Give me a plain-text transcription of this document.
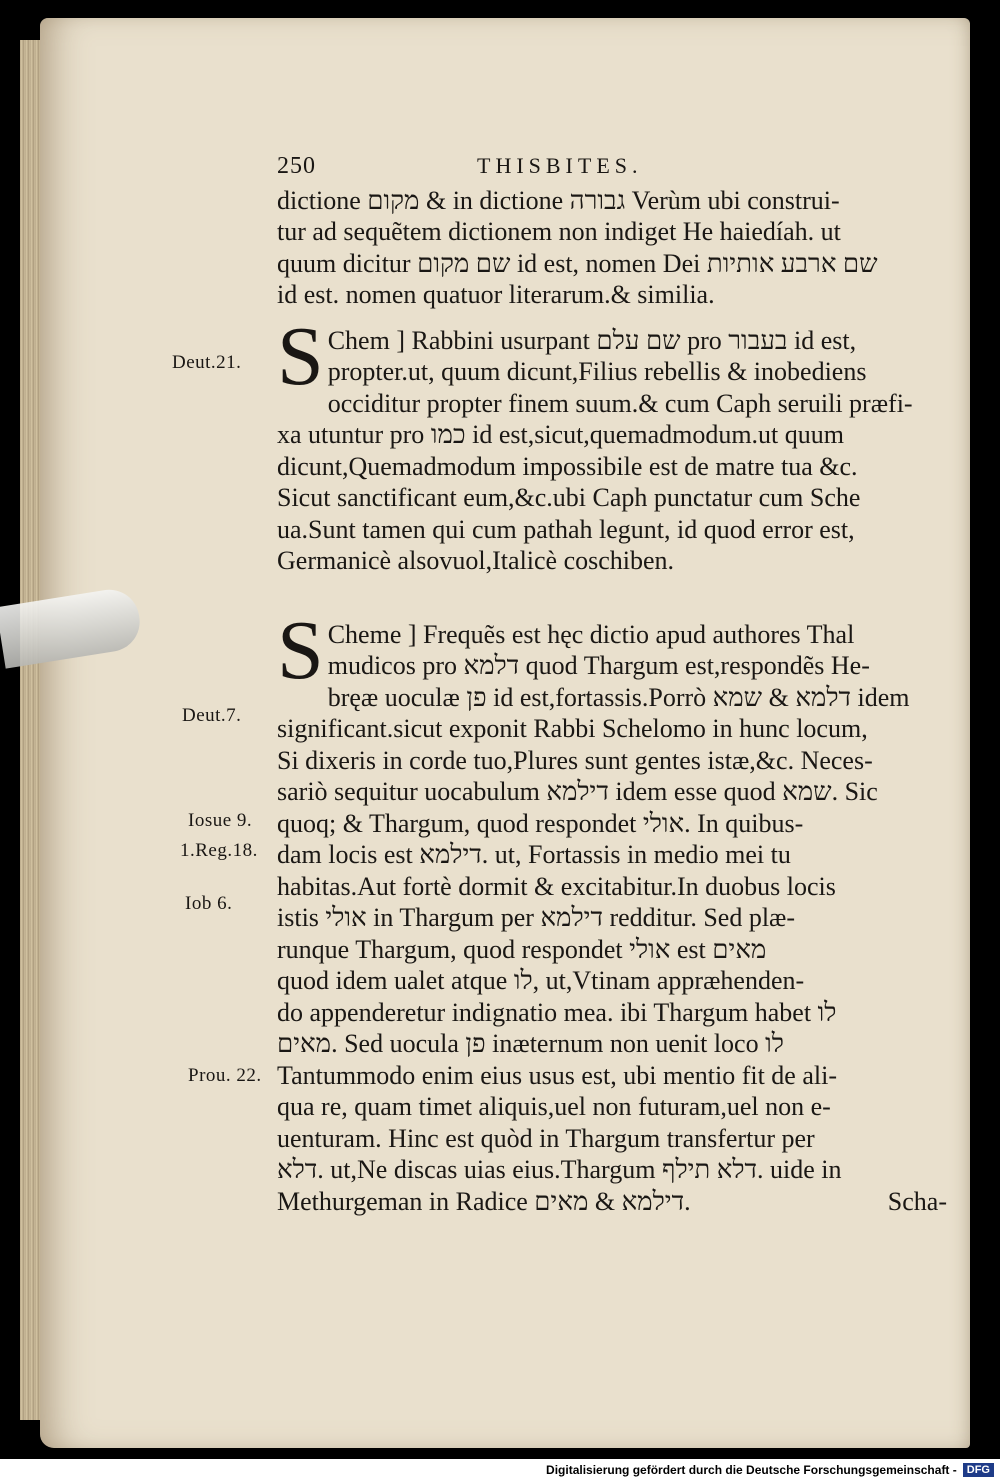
Deut.21.
Deut.7.
Iosue 9.
1.Reg.18.
Iob 6.
Prou. 22.
250	THISBITES.
dictione מקום & in dictione גבורה Verùm ubi construi-
tur ad sequẽtem dictionem non indiget He haiedíah. ut
quum dicitur שם מקום id est, nomen Dei שם ארבע אותיות
id est. nomen quatuor literarum.& similia.
S Chem ] Rabbini usurpant שם עלם pro בעבור id est,
propter.ut, quum dicunt,Filius rebellis & inobediens
occiditur propter finem suum.& cum Caph seruili præfi-
xa utuntur pro כמו id est,sicut,quemadmodum.ut quum
dicunt,Quemadmodum impossibile est de matre tua &c.
Sicut sanctificant eum,&c.ubi Caph punctatur cum Sche
ua.Sunt tamen qui cum pathah legunt, id quod error est,
Germanicè alsovuol,Italicè coschiben.
S Cheme ] Frequẽs est hęc dictio apud authores Thal
mudicos pro דלמא quod Thargum est,respondẽs He-
bręæ uoculæ פן id est,fortassis.Porrò דלמא & שמא idem
significant.sicut exponit Rabbi Schelomo in hunc locum,
Si dixeris in corde tuo,Plures sunt gentes istæ,&c. Neces-
sariò sequitur uocabulum דילמא idem esse quod שמא. Sic
quoq; & Thargum, quod respondet אולי. In quibus-
dam locis est דילמא. ut, Fortassis in medio mei tu
habitas.Aut fortè dormit & excitabitur.In duobus locis
istis אולי in Thargum per דילמא redditur. Sed plæ-
runque Thargum, quod respondet אולי est מאים
quod idem ualet atque לו, ut,Vtinam appræhenden-
do appenderetur indignatio mea. ibi Thargum habet לו
מאים. Sed uocula פן inæternum non uenit loco לו
Tantummodo enim eius usus est, ubi mentio fit de ali-
qua re, quam timet aliquis,uel non futuram,uel non e-
uenturam. Hinc est quòd in Thargum transfertur per
דלא. ut,Ne discas uias eius.Thargum דלא תילף. uide in
Methurgeman in Radice דילמא & מאים.	Scha-
Digitalisierung gefördert durch die Deutsche Forschungsgemeinschaft - DFG
